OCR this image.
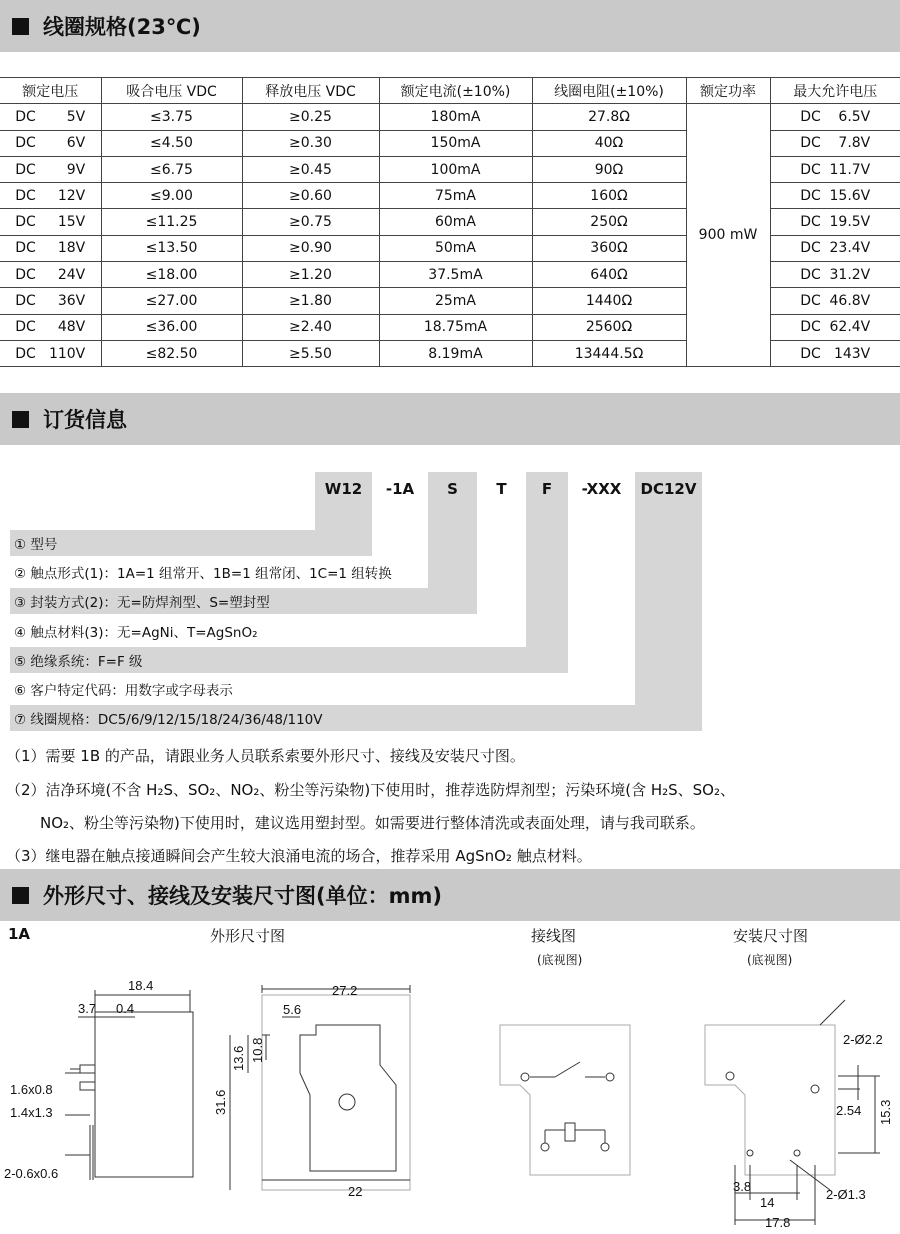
线圈规格(23℃)
额定电压	吸合电压 VDC	释放电压 VDC	额定电流(±10%)	线圈电阻(±10%)	额定功率	最大允许电压

DC 5V	≤3.75	≥0.25	180mA	27.8Ω	900 mW	DC 6.5V

DC 6V	≤4.50	≥0.30	150mA	40Ω		DC 7.8V

DC 9V	≤6.75	≥0.45	100mA	90Ω		DC 11.7V

DC 12V	≤9.00	≥0.60	75mA	160Ω		DC 15.6V

DC 15V	≤11.25	≥0.75	60mA	250Ω		DC 19.5V

DC 18V	≤13.50	≥0.90	50mA	360Ω		DC 23.4V

DC 24V	≤18.00	≥1.20	37.5mA	640Ω		DC 31.2V

DC 36V	≤27.00	≥1.80	25mA	1440Ω		DC 46.8V

DC 48V	≤36.00	≥2.40	18.75mA	2560Ω		DC 62.4V

DC 110V	≤82.50	≥5.50	8.19mA	13444.5Ω		DC 143V
订货信息
W12	-1A	S	T	F	-XXX	DC12V
① 型号
② 触点形式(1)：1A=1 组常开、1B=1 组常闭、1C=1 组转换
③ 封装方式(2)：无=防焊剂型、S=塑封型
④ 触点材料(3)：无=AgNi、T=AgSnO₂
⑤ 绝缘系统：F=F 级
⑥ 客户特定代码：用数字或字母表示
⑦ 线圈规格：DC5/6/9/12/15/18/24/36/48/110V
（1）需要 1B 的产品，请跟业务人员联系索要外形尺寸、接线及安装尺寸图。
（2）洁净环境(不含 H₂S、SO₂、NO₂、粉尘等污染物)下使用时，推荐选防焊剂型；污染环境(含 H₂S、SO₂、
NO₂、粉尘等污染物)下使用时，建议选用塑封型。如需要进行整体清洗或表面处理，请与我司联系。
（3）继电器在触点接通瞬间会产生较大浪涌电流的场合，推荐采用 AgSnO₂ 触点材料。
外形尺寸、接线及安装尺寸图(单位：mm)
1A	外形尺寸图	接线图
(底视图)
安装尺寸图
(底视图)
18.4
3.7 0.4
1.6x0.8
1.4x1.3
2-0.6x0.6
27.2
5.6
13.6 10.8
31.6
22
2-Ø2.2
2.54 15.3
3.8
14
17.8
2-Ø1.3
